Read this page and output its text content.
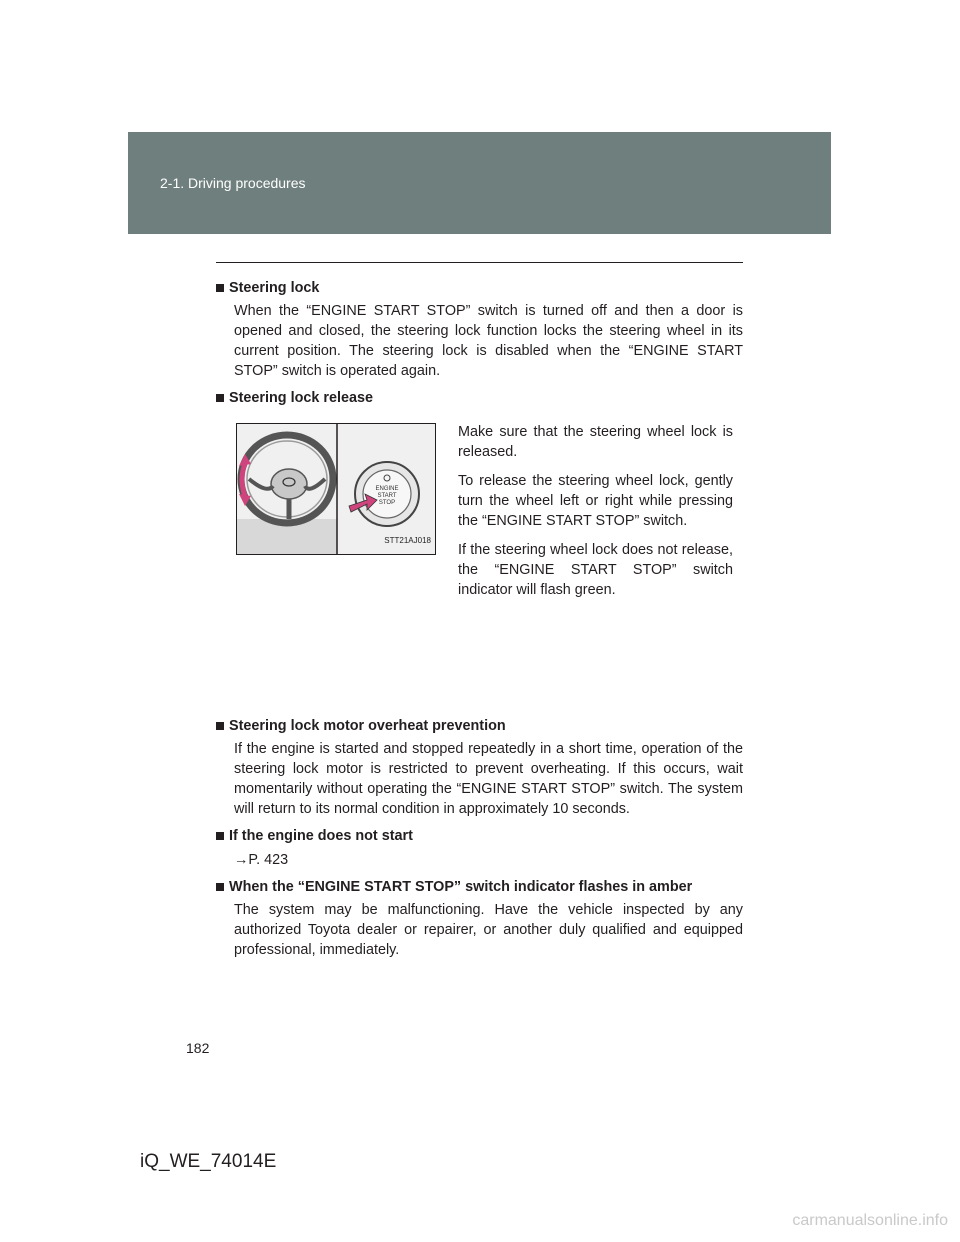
2-1. Driving procedures
Steering lock

When the “ENGINE START STOP” switch is turned off and then a door is opened and closed, the steering lock function locks the steering wheel in its current position. The steering lock is disabled when the “ENGINE START STOP” switch is operated again.

Steering lock release
ENGINE
START
STOP
STT21AJ018

Make sure that the steering wheel lock is released.

To release the steering wheel lock, gently turn the wheel left or right while pressing the “ENGINE START STOP” switch.

If the steering wheel lock does not release, the “ENGINE START STOP” switch indicator will flash green.

Steering lock motor overheat prevention

If the engine is started and stopped repeatedly in a short time, operation of the steering lock motor is restricted to prevent overheating. If this occurs, wait momentarily without operating the “ENGINE START STOP” switch. The system will return to its normal condition in approximately 10 seconds.

If the engine does not start

→P. 423

When the “ENGINE START STOP” switch indicator flashes in amber

The system may be malfunctioning. Have the vehicle inspected by any authorized Toyota dealer or repairer, or another duly qualified and equipped professional, immediately.

182
iQ_WE_74014E
carmanualsonline.info
